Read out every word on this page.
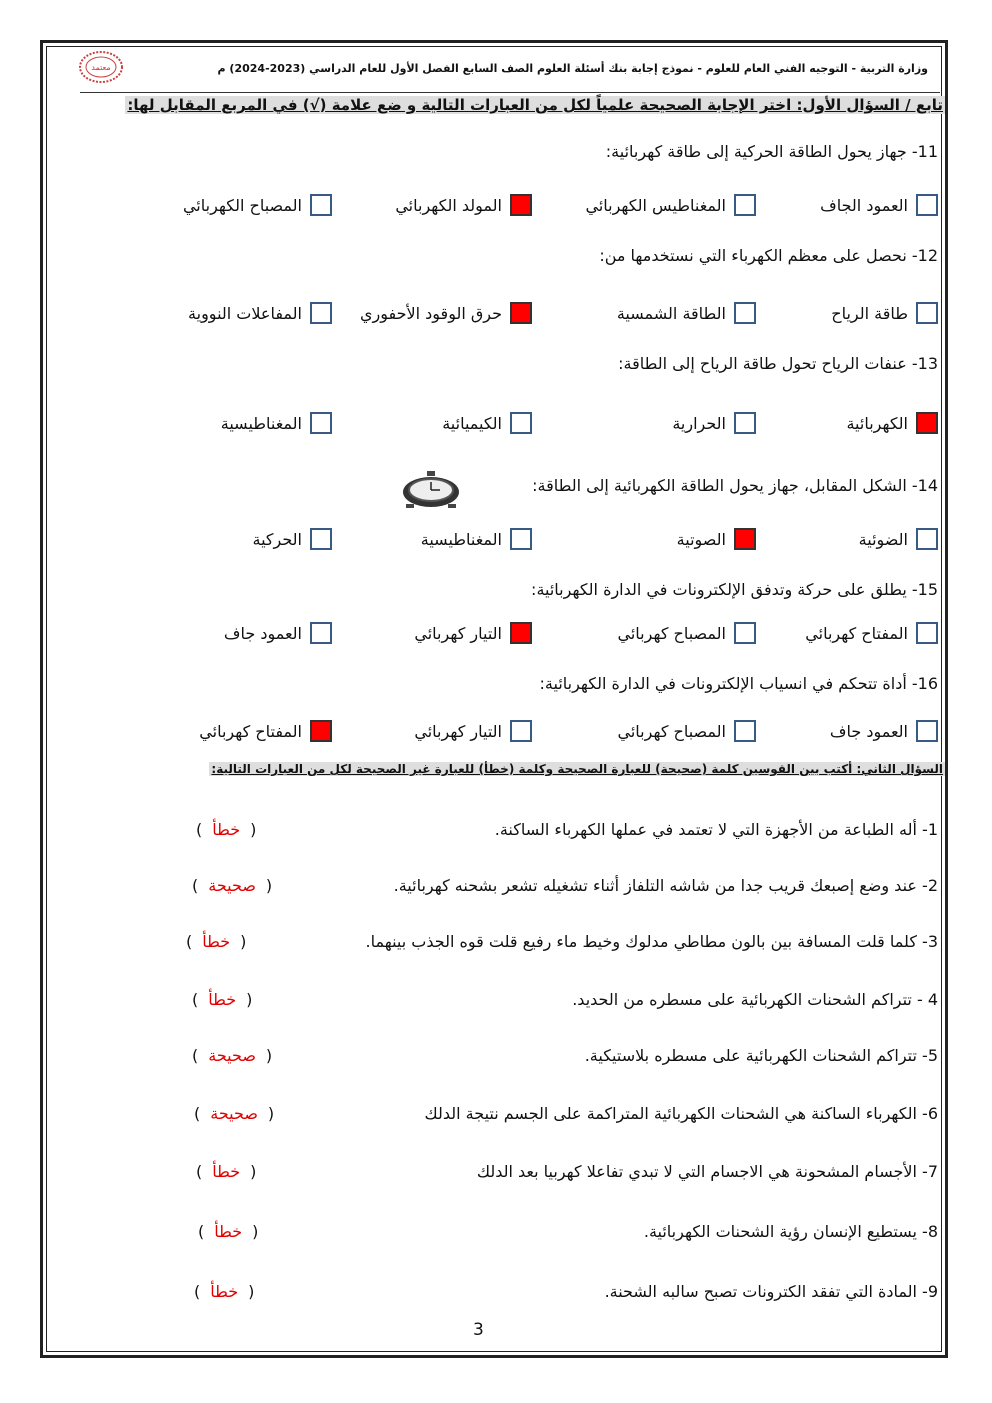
وزارة التربية - التوجيه الفني العام للعلوم - نموذج إجابة بنك أسئلة العلوم الصف السابع الفصل الأول للعام الدراسي (2023-2024) م
معتمد
تابع / السؤال الأول: اختر الإجابة الصحيحة علمياً لكل من العبارات التالية و ضع علامة (√) في المربع المقابل لها:
11- جهاز يحول الطاقة الحركية إلى طاقة كهربائية:
العمود الجاف
المغناطيس الكهربائي
المولد الكهربائي
المصباح الكهربائي
12- نحصل على معظم الكهرباء التي نستخدمها من:
طاقة الرياح
الطاقة الشمسية
حرق الوقود الأحفوري
المفاعلات النووية
13- عنفات الرياح تحول طاقة الرياح إلى الطاقة:
الكهربائية
الحرارية
الكيميائية
المغناطيسية
14- الشكل المقابل، جهاز يحول الطاقة الكهربائية إلى الطاقة:
الضوئية
الصوتية
المغناطيسية
الحركية
15- يطلق على حركة وتدفق الإلكترونات في الدارة الكهربائية:
المفتاح كهربائي
المصباح كهربائي
التيار كهربائي
العمود جاف
16- أداة تتحكم في انسياب الإلكترونات في الدارة الكهربائية:
العمود جاف
المصباح كهربائي
التيار كهربائي
المفتاح كهربائي
السؤال الثاني: أكتب بين القوسين كلمة (صحيحة) للعبارة الصحيحة وكلمة (خطأ) للعبارة غير الصحيحة لكل من العبارات التالية:
1- أله الطباعة من الأجهزة التي لا تعتمد في عملها الكهرباء الساكنة.
( خطأ )
2- عند وضع إصبعك قريب جدا من شاشه التلفاز أثناء تشغيله تشعر بشحنه كهربائية.
( صحيحة )
3- كلما قلت المسافة بين بالون مطاطي مدلوك وخيط ماء رفيع قلت قوه الجذب بينهما.
( خطأ )
4 - تتراكم الشحنات الكهربائية على مسطره من الحديد.
( خطأ )
5- تتراكم الشحنات الكهربائية على مسطره بلاستيكية.
( صحيحة )
6- الكهرباء الساكنة هي الشحنات الكهربائية المتراكمة على الجسم نتيجة الدلك
( صحيحة )
7- الأجسام المشحونة هي الاجسام التي لا تبدي تفاعلا كهربيا بعد الدلك
( خطأ )
8- يستطيع الإنسان رؤية الشحنات الكهربائية.
( خطأ )
9- المادة التي تفقد الكترونات تصبح سالبه الشحنة.
( خطأ )
3
